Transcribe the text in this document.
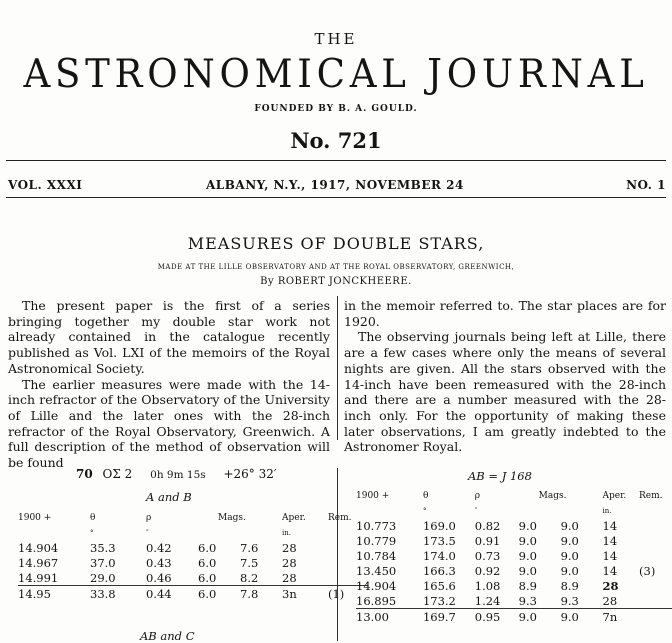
THE
ASTRONOMICAL JOURNAL
FOUNDED BY B. A. GOULD.
No. 721
VOL. XXXI	ALBANY, N.Y., 1917, NOVEMBER 24	NO. 1
MEASURES OF DOUBLE STARS,
MADE AT THE LILLE OBSERVATORY AND AT THE ROYAL OBSERVATORY, GREENWICH,
By ROBERT JONCKHEERE.

The present paper is the first of a series bringing together my double star work not already contained in the catalogue recently published as Vol. LXI of the memoirs of the Royal Astronomical Society.

The earlier measures were made with the 14-inch refractor of the Observatory of the University of Lille and the later ones with the 28-inch refractor of the Royal Observatory, Greenwich. A full description of the method of observation will be found

in the memoir referred to. The star places are for 1920.

The observing journals being left at Lille, there are a few cases where only the means of several nights are given. All the stars observed with the 14-inch have been remeasured with the 28-inch and there are a number measured with the 28-inch only. For the opportunity of making these later observations, I am greatly indebted to the Astronomer Royal.

70 OΣ 2 0h 9m 15s +26° 32′
A and B
1900 +	θ	ρ	Mags.		Aper.	Rem.
	°	″			in.	
14.904	35.3	0.42	6.0	7.6	28	
14.967	37.0	0.43	6.0	7.5	28	
14.991	29.0	0.46	6.0	8.2	28	
14.95	33.8	0.44	6.0	7.8	3n	(1)
AB and C
AB = J 168
1900 +	θ	ρ	Mags.		Aper.	Rem.
	°	″			in.	
10.773	169.0	0.82	9.0	9.0	14	
10.779	173.5	0.91	9.0	9.0	14	
10.784	174.0	0.73	9.0	9.0	14	
13.450	166.3	0.92	9.0	9.0	14	(3)
14.904	165.6	1.08	8.9	8.9	28	
16.895	173.2	1.24	9.3	9.3	28	
13.00	169.7	0.95	9.0	9.0	7n	
